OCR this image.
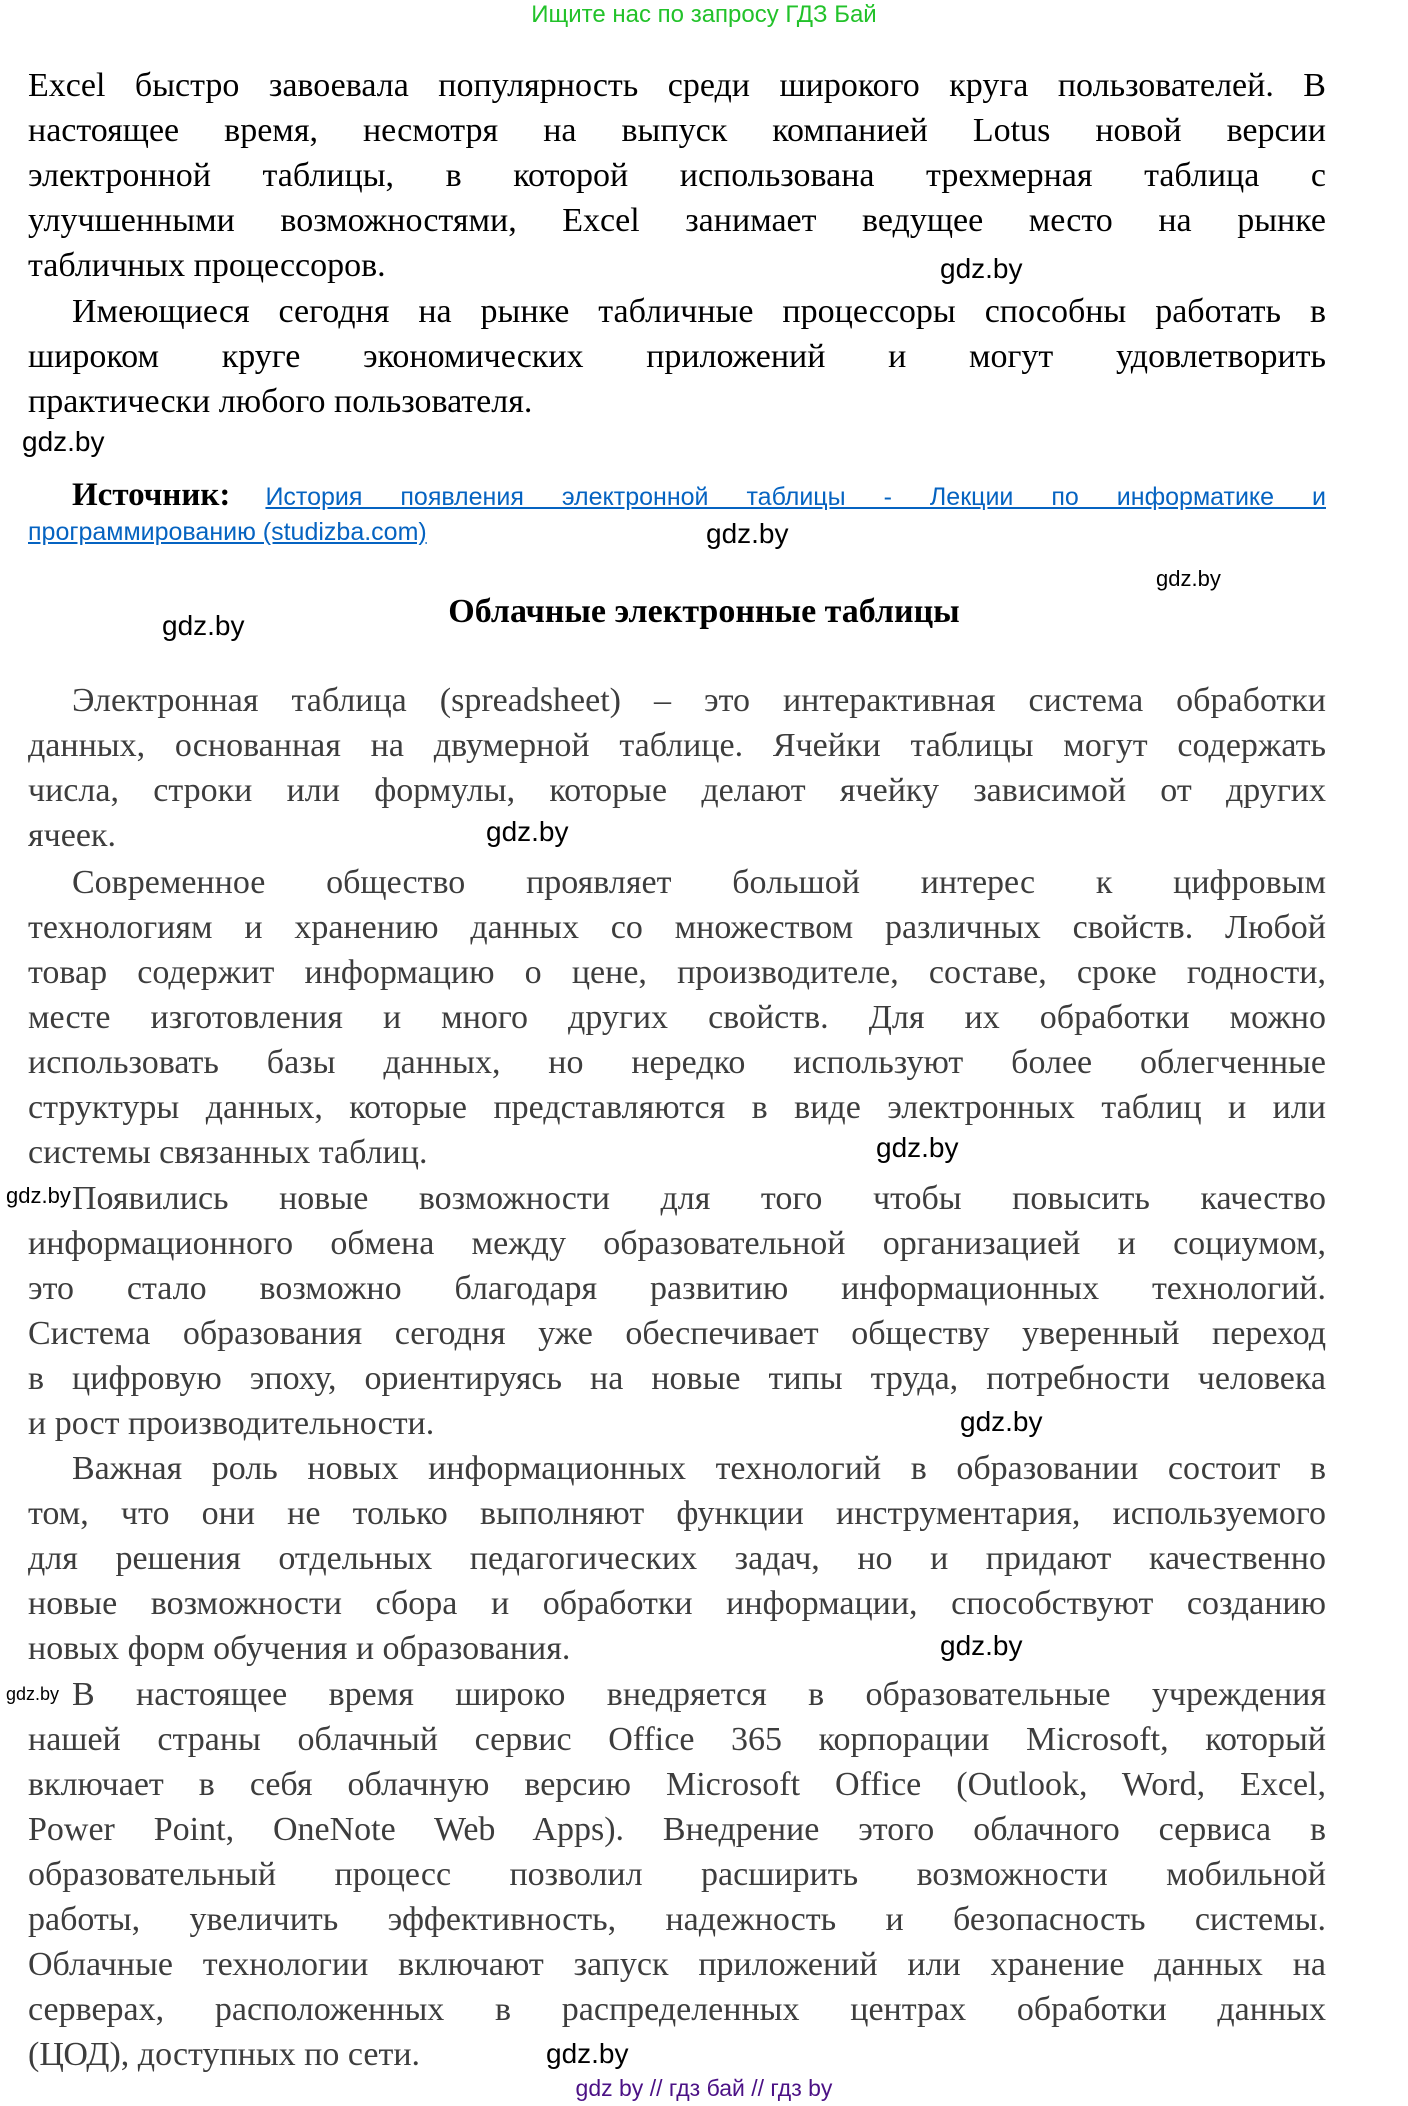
Ищите нас по запросу ГДЗ Бай
Excel быстро завоевала популярность среди широкого круга пользователей. В
настоящее время, несмотря на выпуск компанией Lotus новой версии
электронной таблицы, в которой использована трехмерная таблица с
улучшенными возможностями, Excel занимает ведущее место на рынке
табличных процессоров.	gdz.by
Имеющиеся сегодня на рынке табличные процессоры способны работать в
широком круге экономических приложений и могут удовлетворить
практически любого пользователя.
gdz.by
Источник: История появления электронной таблицы - Лекции по информатике и
программированию (studizba.com)	gdz.by
gdz.by
Облачные электронные таблицы
gdz.by
Электронная таблица (spreadsheet) – это интерактивная система обработки
данных, основанная на двумерной таблице. Ячейки таблицы могут содержать
числа, строки или формулы, которые делают ячейку зависимой от других
ячеек.	gdz.by
Современное общество проявляет большой интерес к цифровым
технологиям и хранению данных со множеством различных свойств. Любой
товар содержит информацию о цене, производителе, составе, сроке годности,
месте изготовления и много других свойств. Для их обработки можно
использовать базы данных, но нередко используют более облегченные
структуры данных, которые представляются в виде электронных таблиц и или
системы связанных таблиц.	gdz.by
Появились новые возможности для того чтобы повысить качество
информационного обмена между образовательной организацией и социумом,
это стало возможно благодаря развитию информационных технологий.
Система образования сегодня уже обеспечивает обществу уверенный переход
в цифровую эпоху, ориентируясь на новые типы труда, потребности человека
и рост производительности.
gdz.by
gdz.by
Важная роль новых информационных технологий в образовании состоит в
том, что они не только выполняют функции инструментария, используемого
для решения отдельных педагогических задач, но и придают качественно
новые возможности сбора и обработки информации, способствуют созданию
новых форм обучения и образования.	gdz.by
В настоящее время широко внедряется в образовательные учреждения
нашей страны облачный сервис Office 365 корпорации Microsoft, который
включает в себя облачную версию Microsoft Office (Outlook, Word, Excel,
Power Point, OneNote Web Apps). Внедрение этого облачного сервиса в
образовательный процесс позволил расширить возможности мобильной
работы, увеличить эффективность, надежность и безопасность системы.
Облачные технологии включают запуск приложений или хранение данных на
серверах, расположенных в распределенных центрах обработки данных
(ЦОД), доступных по сети.
gdz.by
gdz.by
gdz by // гдз бай // гдз by
